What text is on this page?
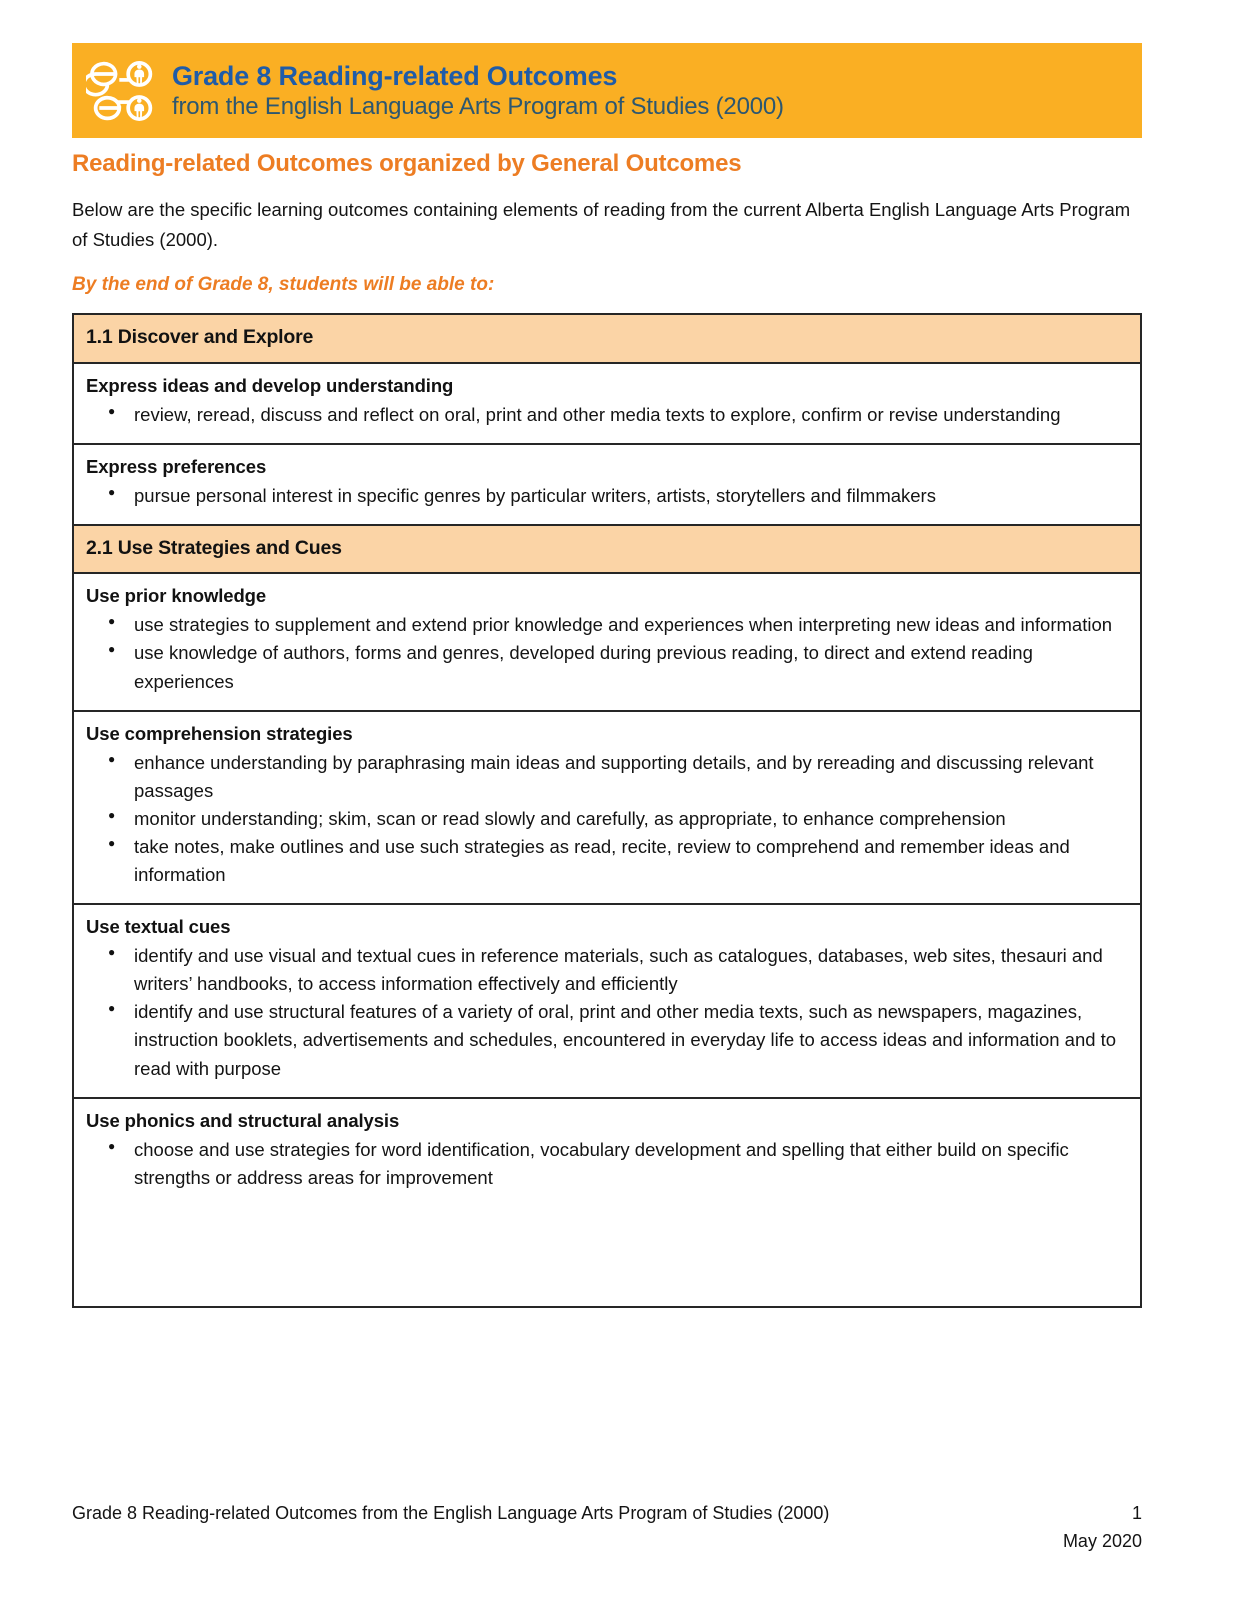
Grade 8 Reading-related Outcomes
from the English Language Arts Program of Studies (2000)
Reading-related Outcomes organized by General Outcomes

Below are the specific learning outcomes containing elements of reading from the current Alberta English Language Arts Program of Studies (2000).

By the end of Grade 8, students will be able to:

1.1 Discover and Explore
Express ideas and develop understanding
● review, reread, discuss and reflect on oral, print and other media texts to explore, confirm or revise understanding
Express preferences
● pursue personal interest in specific genres by particular writers, artists, storytellers and filmmakers
2.1 Use Strategies and Cues
Use prior knowledge
● use strategies to supplement and extend prior knowledge and experiences when interpreting new ideas and information
● use knowledge of authors, forms and genres, developed during previous reading, to direct and extend reading experiences
Use comprehension strategies
● enhance understanding by paraphrasing main ideas and supporting details, and by rereading and discussing relevant passages
● monitor understanding; skim, scan or read slowly and carefully, as appropriate, to enhance comprehension
● take notes, make outlines and use such strategies as read, recite, review to comprehend and remember ideas and information
Use textual cues
● identify and use visual and textual cues in reference materials, such as catalogues, databases, web sites, thesauri and writers’ handbooks, to access information effectively and efficiently
● identify and use structural features of a variety of oral, print and other media texts, such as newspapers, magazines, instruction booklets, advertisements and schedules, encountered in everyday life to access ideas and information and to read with purpose
Use phonics and structural analysis
● choose and use strategies for word identification, vocabulary development and spelling that either build on specific strengths or address areas for improvement
Grade 8 Reading-related Outcomes from the English Language Arts Program of Studies (2000)	1
May 2020
